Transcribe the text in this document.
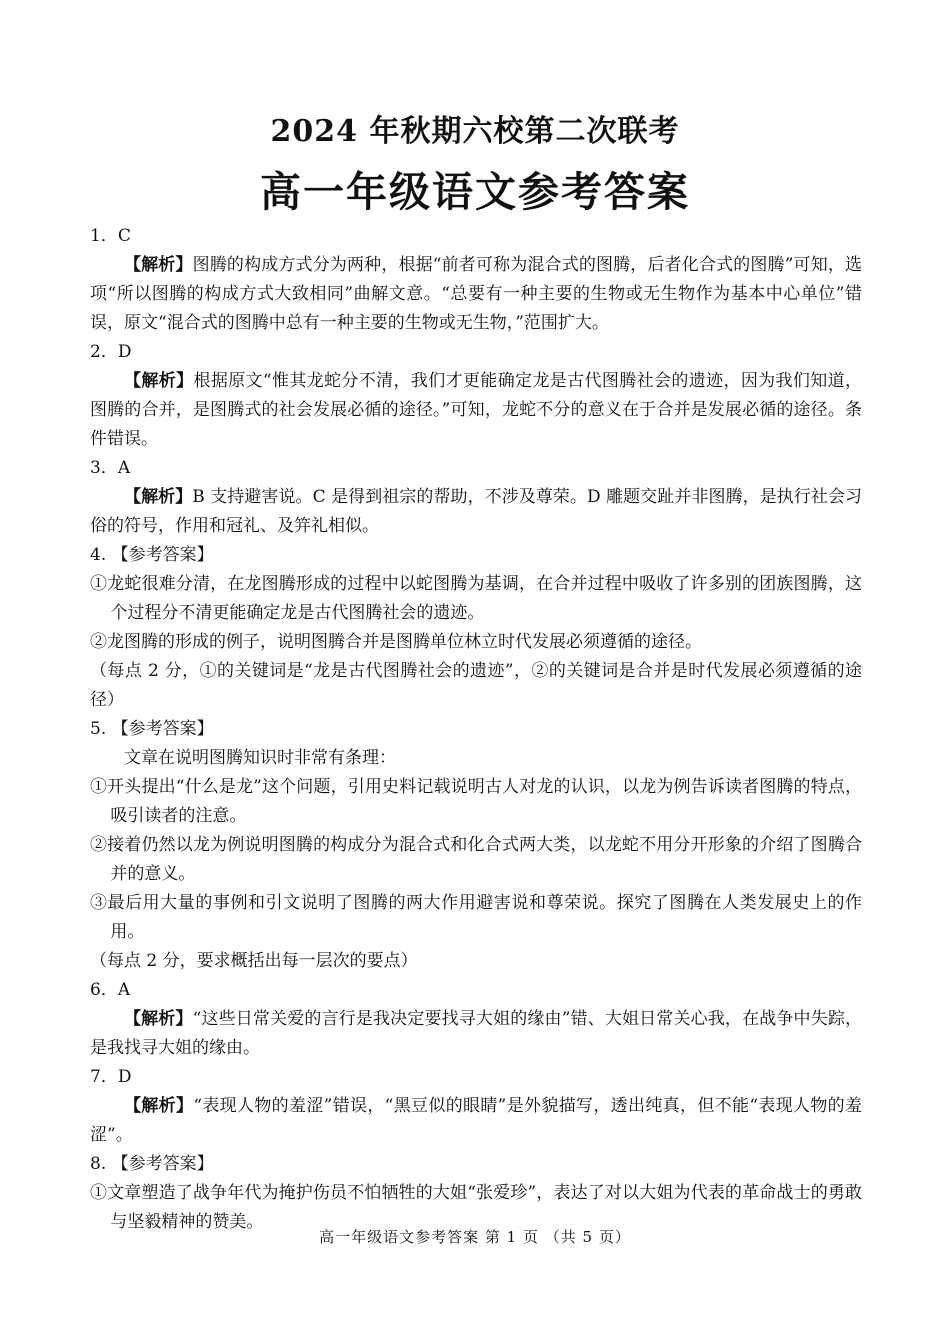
2024 年秋期六校第二次联考
高一年级语文参考答案

1．C

【解析】图腾的构成方式分为两种，根据“前者可称为混合式的图腾，后者化合式的图腾”可知，选项“所以图腾的构成方式大致相同”曲解文意。“总要有一种主要的生物或无生物作为基本中心单位”错误，原文“混合式的图腾中总有一种主要的生物或无生物，”范围扩大。

2．D

【解析】根据原文“惟其龙蛇分不清，我们才更能确定龙是古代图腾社会的遗迹，因为我们知道，图腾的合并，是图腾式的社会发展必循的途径。”可知，龙蛇不分的意义在于合并是发展必循的途径。条件错误。

3．A

【解析】B 支持避害说。C 是得到祖宗的帮助，不涉及尊荣。D 雕题交趾并非图腾，是执行社会习俗的符号，作用和冠礼、及笄礼相似。

4. 【参考答案】

①龙蛇很难分清，在龙图腾形成的过程中以蛇图腾为基调，在合并过程中吸收了许多别的团族图腾，这个过程分不清更能确定龙是古代图腾社会的遗迹。

②龙图腾的形成的例子，说明图腾合并是图腾单位林立时代发展必须遵循的途径。

（每点 2 分，①的关键词是“龙是古代图腾社会的遗迹”，②的关键词是合并是时代发展必须遵循的途径）

5. 【参考答案】

文章在说明图腾知识时非常有条理：

①开头提出“什么是龙”这个问题，引用史料记载说明古人对龙的认识，以龙为例告诉读者图腾的特点，吸引读者的注意。

②接着仍然以龙为例说明图腾的构成分为混合式和化合式两大类，以龙蛇不用分开形象的介绍了图腾合并的意义。

③最后用大量的事例和引文说明了图腾的两大作用避害说和尊荣说。探究了图腾在人类发展史上的作用。

（每点 2 分，要求概括出每一层次的要点）

6．A

【解析】“这些日常关爱的言行是我决定要找寻大姐的缘由”错、大姐日常关心我，在战争中失踪，是我找寻大姐的缘由。

7．D

【解析】“表现人物的羞涩”错误，“黑豆似的眼睛”是外貌描写，透出纯真，但不能“表现人物的羞涩”。

8. 【参考答案】

①文章塑造了战争年代为掩护伤员不怕牺牲的大姐“张爱珍”，表达了对以大姐为代表的革命战士的勇敢与坚毅精神的赞美。

高一年级语文参考答案 第 1 页 （共 5 页）
